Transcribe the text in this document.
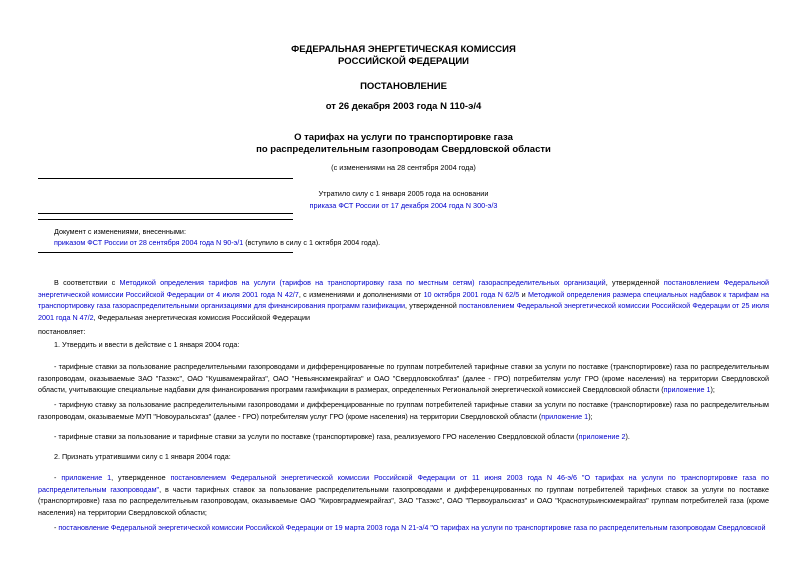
ФЕДЕРАЛЬНАЯ ЭНЕРГЕТИЧЕСКАЯ КОМИССИЯ
РОССИЙСКОЙ ФЕДЕРАЦИИ
ПОСТАНОВЛЕНИЕ
от 26 декабря 2003 года N 110-э/4
О тарифах на услуги по транспортировке газа
по распределительным газопроводам Свердловской области
(с изменениями на 28 сентября 2004 года)
Утратило силу с 1 января 2005 года на основании
приказа ФСТ России от 17 декабря 2004 года N 300-э/3
Документ с изменениями, внесенными:
приказом ФСТ России от 28 сентября 2004 года N 90-э/1 (вступило в силу с 1 октября 2004 года).
В соответствии с Методикой определения тарифов на услуги (тарифов на транспортировку газа по местным сетям) газораспределительных организаций, утвержденной постановлением Федеральной энергетической комиссии Российской Федерации от 4 июля 2001 года N 42/7, с изменениями и дополнениями от 10 октября 2001 года N 62/5 и Методикой определения размера специальных надбавок к тарифам на транспортировку газа газораспределительными организациями для финансирования программ газификации, утвержденной постановлением Федеральной энергетической комиссии Российской Федерации от 25 июля 2001 года N 47/2, Федеральная энергетическая комиссия Российской Федерации
постановляет:
1. Утвердить и ввести в действие с 1 января 2004 года:
- тарифные ставки за пользование распределительными газопроводами и дифференцированные по группам потребителей тарифные ставки за услуги по поставке (транспортировке) газа по распределительным газопроводам, оказываемые ЗАО "Газэкс", ОАО "Кушвамежрайгаз", ОАО "Невьянскмежрайгаз" и ОАО "Свердловскоблгаз" (далее - ГРО) потребителям услуг ГРО (кроме населения) на территории Свердловской области, учитывающие специальные надбавки для финансирования программ газификации в размерах, определенных Региональной энергетической комиссией Свердловской области (приложение 1);
- тарифную ставку за пользование распределительными газопроводами и дифференцированные по группам потребителей тарифные ставки за услуги по поставке (транспортировке) газа по распределительным газопроводам, оказываемые МУП "Новоуральскгаз" (далее - ГРО) потребителям услуг ГРО (кроме населения) на территории Свердловской области (приложение 1);
- тарифные ставки за пользование и тарифные ставки за услуги по поставке (транспортировке) газа, реализуемого ГРО населению Свердловской области (приложение 2).
2. Признать утратившими силу с 1 января 2004 года:
- приложение 1, утвержденное постановлением Федеральной энергетической комиссии Российской Федерации от 11 июня 2003 года N 46-э/6 "О тарифах на услуги по транспортировке газа по распределительным газопроводам", в части тарифных ставок за пользование распределительными газопроводами и дифференцированных по группам потребителей тарифных ставок за услуги по поставке (транспортировке) газа по распределительным газопроводам, оказываемые ОАО "Кировградмежрайгаз", ЗАО "Газэкс", ОАО "Первоуральскгаз" и ОАО "Краснотурьинскмежрайгаз" группам потребителей газа (кроме населения) на территории Свердловской области;
- постановление Федеральной энергетической комиссии Российской Федерации от 19 марта 2003 года N 21-э/4 "О тарифах на услуги по транспортировке газа по распределительным газопроводам Свердловской
